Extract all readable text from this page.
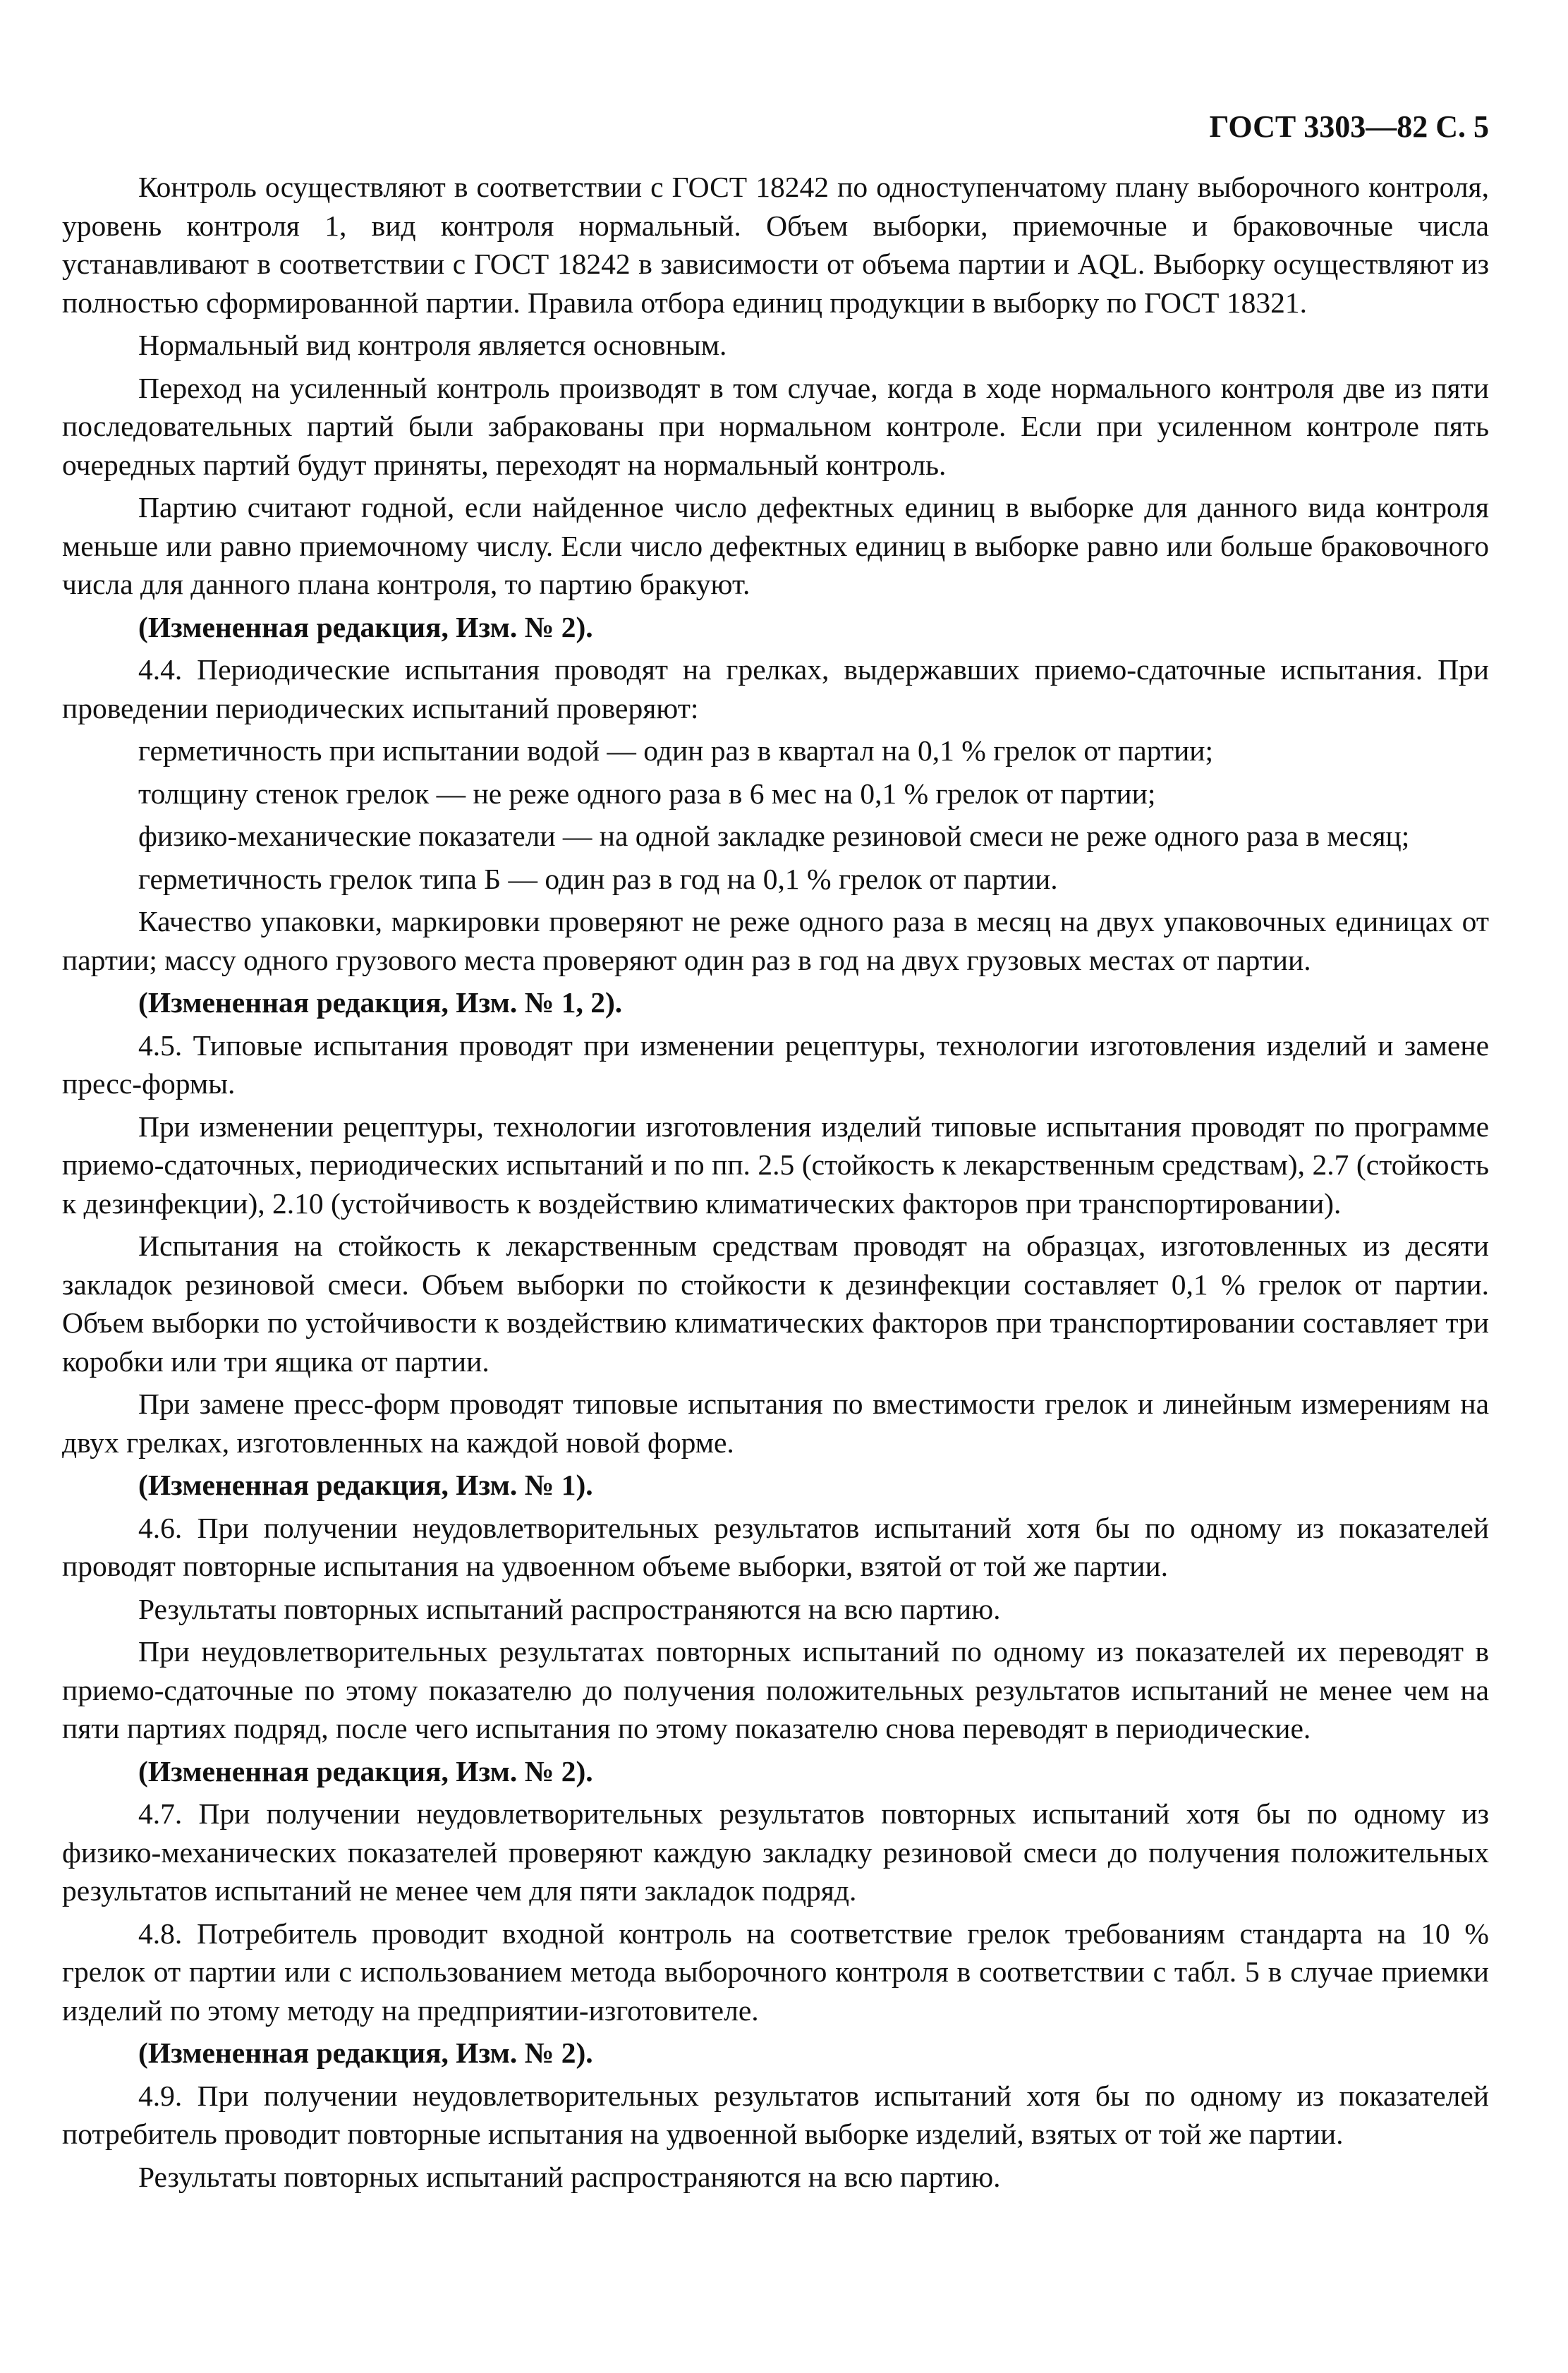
ГОСТ 3303—82 С. 5

Контроль осуществляют в соответствии с ГОСТ 18242 по одноступенчатому плану выборочного контроля, уровень контроля 1, вид контроля нормальный. Объем выборки, приемочные и браковочные числа устанавливают в соответствии с ГОСТ 18242 в зависимости от объема партии и AQL. Выборку осуществляют из полностью сформированной партии. Правила отбора единиц продукции в выборку по ГОСТ 18321.

Нормальный вид контроля является основным.

Переход на усиленный контроль производят в том случае, когда в ходе нормального контроля две из пяти последовательных партий были забракованы при нормальном контроле. Если при усиленном контроле пять очередных партий будут приняты, переходят на нормальный контроль.

Партию считают годной, если найденное число дефектных единиц в выборке для данного вида контроля меньше или равно приемочному числу. Если число дефектных единиц в выборке равно или больше браковочного числа для данного плана контроля, то партию бракуют.

(Измененная редакция, Изм. № 2).

4.4. Периодические испытания проводят на грелках, выдержавших приемо-сдаточные испытания. При проведении периодических испытаний проверяют:

герметичность при испытании водой — один раз в квартал на 0,1 % грелок от партии;

толщину стенок грелок — не реже одного раза в 6 мес на 0,1 % грелок от партии;

физико-механические показатели — на одной закладке резиновой смеси не реже одного раза в месяц;

герметичность грелок типа Б — один раз в год на 0,1 % грелок от партии.

Качество упаковки, маркировки проверяют не реже одного раза в месяц на двух упаковочных единицах от партии; массу одного грузового места проверяют один раз в год на двух грузовых местах от партии.

(Измененная редакция, Изм. № 1, 2).

4.5. Типовые испытания проводят при изменении рецептуры, технологии изготовления изделий и замене пресс-формы.

При изменении рецептуры, технологии изготовления изделий типовые испытания проводят по программе приемо-сдаточных, периодических испытаний и по пп. 2.5 (стойкость к лекарственным средствам), 2.7 (стойкость к дезинфекции), 2.10 (устойчивость к воздействию климатических факторов при транспортировании).

Испытания на стойкость к лекарственным средствам проводят на образцах, изготовленных из десяти закладок резиновой смеси. Объем выборки по стойкости к дезинфекции составляет 0,1 % грелок от партии. Объем выборки по устойчивости к воздействию климатических факторов при транспортировании составляет три коробки или три ящика от партии.

При замене пресс-форм проводят типовые испытания по вместимости грелок и линейным измерениям на двух грелках, изготовленных на каждой новой форме.

(Измененная редакция, Изм. № 1).

4.6. При получении неудовлетворительных результатов испытаний хотя бы по одному из показателей проводят повторные испытания на удвоенном объеме выборки, взятой от той же партии.

Результаты повторных испытаний распространяются на всю партию.

При неудовлетворительных результатах повторных испытаний по одному из показателей их переводят в приемо-сдаточные по этому показателю до получения положительных результатов испытаний не менее чем на пяти партиях подряд, после чего испытания по этому показателю снова переводят в периодические.

(Измененная редакция, Изм. № 2).

4.7. При получении неудовлетворительных результатов повторных испытаний хотя бы по одному из физико-механических показателей проверяют каждую закладку резиновой смеси до получения положительных результатов испытаний не менее чем для пяти закладок подряд.

4.8. Потребитель проводит входной контроль на соответствие грелок требованиям стандарта на 10 % грелок от партии или с использованием метода выборочного контроля в соответствии с табл. 5 в случае приемки изделий по этому методу на предприятии-изготовителе.

(Измененная редакция, Изм. № 2).

4.9. При получении неудовлетворительных результатов испытаний хотя бы по одному из показателей потребитель проводит повторные испытания на удвоенной выборке изделий, взятых от той же партии.

Результаты повторных испытаний распространяются на всю партию.
